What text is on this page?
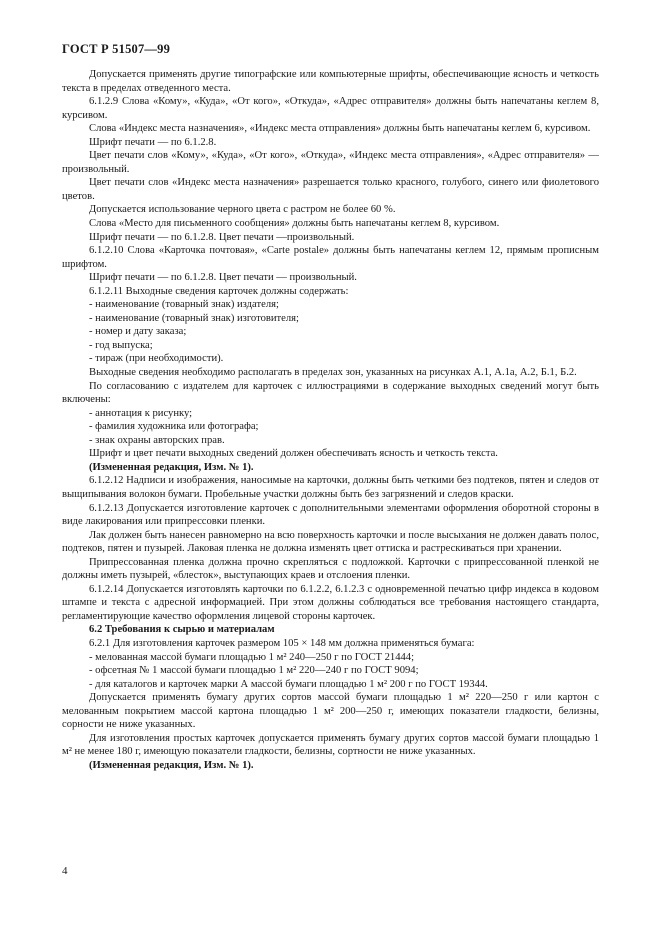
ГОСТ Р 51507—99

Допускается применять другие типографские или компьютерные шрифты, обеспечивающие ясность и четкость текста в пределах отведенного места.

6.1.2.9 Слова «Кому», «Куда», «От кого», «Откуда», «Адрес отправителя» должны быть напечатаны кеглем 8, курсивом.

Слова «Индекс места назначения», «Индекс места отправления» должны быть напечатаны кеглем 6, курсивом.

Шрифт печати — по 6.1.2.8.

Цвет печати слов «Кому», «Куда», «От кого», «Откуда», «Индекс места отправления», «Адрес отправителя» — произвольный.

Цвет печати слов «Индекс места назначения» разрешается только красного, голубого, синего или фиолетового цветов.

Допускается использование черного цвета с растром не более 60 %.

Слова «Место для письменного сообщения» должны быть напечатаны кеглем 8, курсивом.

Шрифт печати — по 6.1.2.8. Цвет печати —произвольный.

6.1.2.10 Слова «Карточка почтовая», «Carte postale» должны быть напечатаны кеглем 12, прямым прописным шрифтом.

Шрифт печати — по 6.1.2.8. Цвет печати — произвольный.

6.1.2.11 Выходные сведения карточек должны содержать:

- наименование (товарный знак) издателя;

- наименование (товарный знак) изготовителя;

- номер и дату заказа;

- год выпуска;

- тираж (при необходимости).

Выходные сведения необходимо располагать в пределах зон, указанных на рисунках А.1, А.1а, А.2, Б.1, Б.2.

По согласованию с издателем для карточек с иллюстрациями в содержание выходных сведений могут быть включены:

- аннотация к рисунку;

- фамилия художника или фотографа;

- знак охраны авторских прав.

Шрифт и цвет печати выходных сведений должен обеспечивать ясность и четкость текста.

(Измененная редакция, Изм. № 1).

6.1.2.12 Надписи и изображения, наносимые на карточки, должны быть четкими без подтеков, пятен и следов от выщипывания волокон бумаги. Пробельные участки должны быть без загрязнений и следов краски.

6.1.2.13 Допускается изготовление карточек с дополнительными элементами оформления оборотной стороны в виде лакирования или припрессовки пленки.

Лак должен быть нанесен равномерно на всю поверхность карточки и после высыхания не должен давать полос, подтеков, пятен и пузырей. Лаковая пленка не должна изменять цвет оттиска и растрескиваться при хранении.

Припрессованная пленка должна прочно скрепляться с подложкой. Карточки с припрессованной пленкой не должны иметь пузырей, «блесток», выступающих краев и отслоения пленки.

6.1.2.14 Допускается изготовлять карточки по 6.1.2.2, 6.1.2.3 с одновременной печатью цифр индекса в кодовом штампе и текста с адресной информацией. При этом должны соблюдаться все требования настоящего стандарта, регламентирующие качество оформления лицевой стороны карточек.

6.2 Требования к сырью и материалам

6.2.1 Для изготовления карточек размером 105 × 148 мм должна применяться бумага:

- мелованная массой бумаги площадью 1 м² 240—250 г по ГОСТ 21444;

- офсетная № 1 массой бумаги площадью 1 м² 220—240 г по ГОСТ 9094;

- для каталогов и карточек марки А массой бумаги площадью 1 м² 200 г по ГОСТ 19344.

Допускается применять бумагу других сортов массой бумаги площадью 1 м² 220—250 г или картон с мелованным покрытием массой картона площадью 1 м² 200—250 г, имеющих показатели гладкости, белизны, сорности не ниже указанных.

Для изготовления простых карточек допускается применять бумагу других сортов массой бумаги площадью 1 м² не менее 180 г, имеющую показатели гладкости, белизны, сортности не ниже указанных.

(Измененная редакция, Изм. № 1).

4
